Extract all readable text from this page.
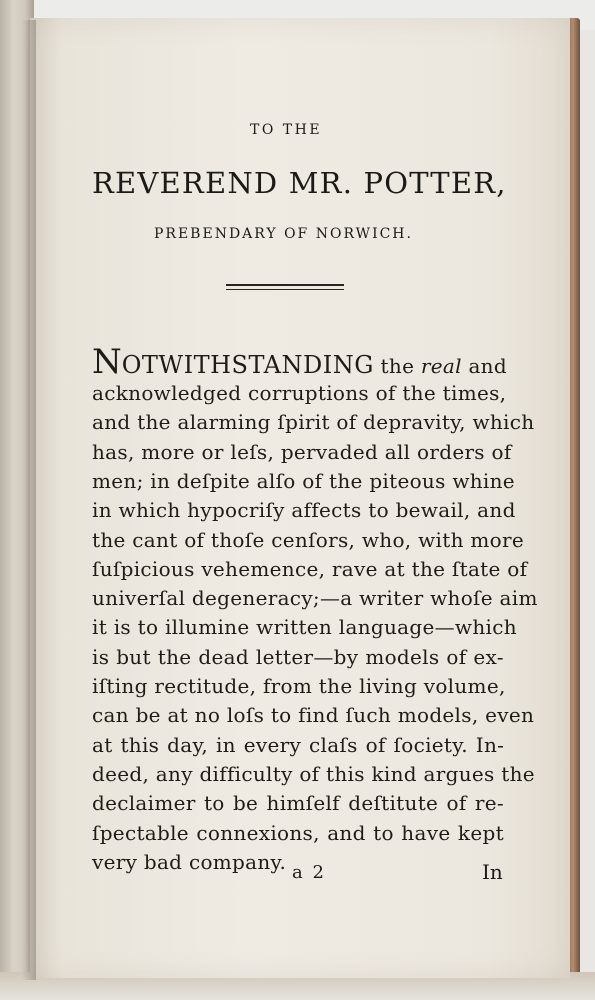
TO THE
REVEREND MR. POTTER,
PREBENDARY OF NORWICH.
NOTWITHSTANDING the real and
acknowledged corruptions of the times,
and the alarming ſpirit of depravity, which
has, more or leſs, pervaded all orders of
men; in deſpite alſo of the piteous whine
in which hypocriſy affects to bewail, and
the cant of thoſe cenſors, who, with more
ſuſpicious vehemence, rave at the ſtate of
univerſal degeneracy;—a writer whoſe aim
it is to illumine written language—which
is but the dead letter—by models of ex-
iſting rectitude, from the living volume,
can be at no loſs to find ſuch models, even
at this day, in every claſs of ſociety. In-
deed, any difficulty of this kind argues the
declaimer to be himſelf deſtitute of re-
ſpectable connexions, and to have kept
very bad company. a 2	In
